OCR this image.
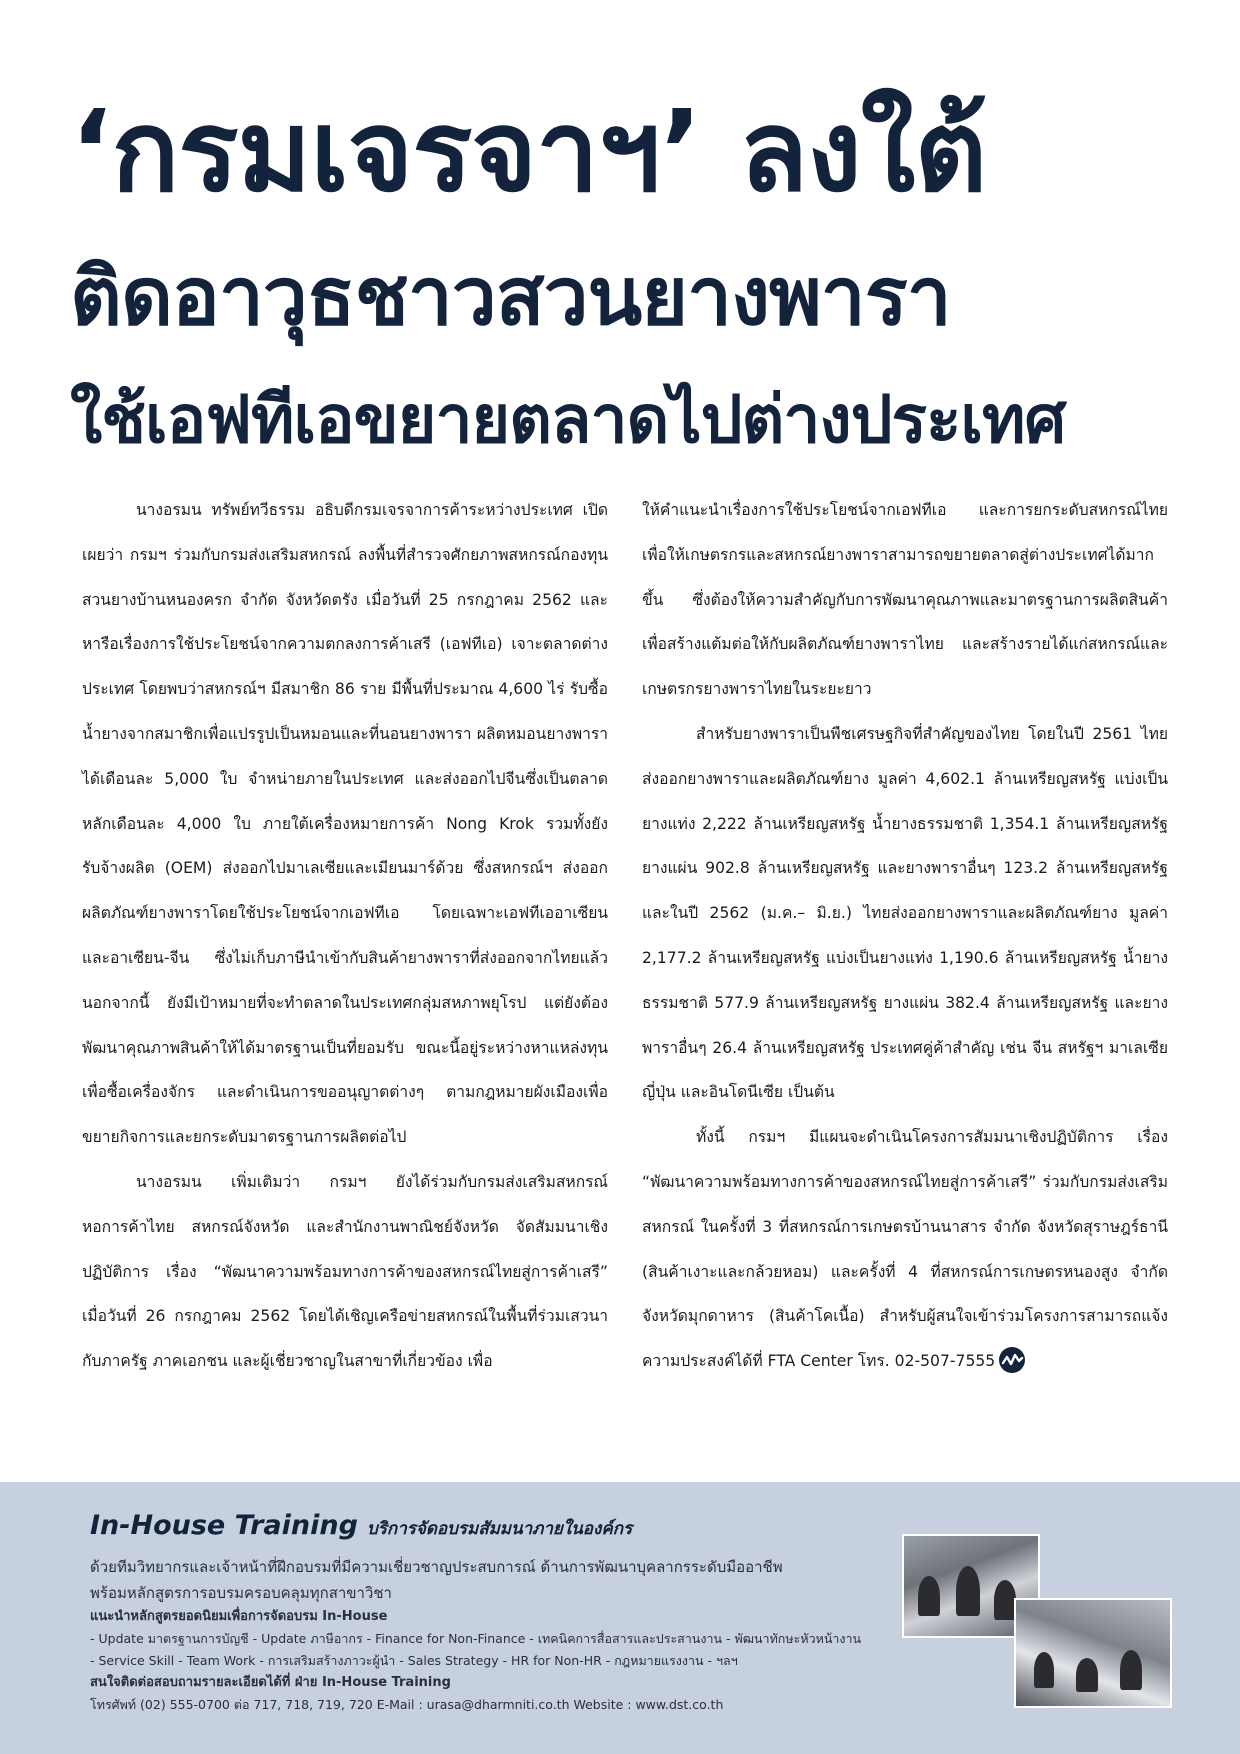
‘กรมเจรจาฯ’ ลงใต้
ติดอาวุธชาวสวนยางพารา
ใช้เอฟทีเอขยายตลาดไปต่างประเทศ

นางอรมน ทรัพย์ทวีธรรม อธิบดีกรมเจรจาการค้าระหว่างประเทศ เปิดเผยว่า กรมฯ ร่วมกับกรมส่งเสริมสหกรณ์ ลงพื้นที่สำรวจศักยภาพสหกรณ์กองทุนสวนยางบ้านหนองครก จำกัด จังหวัดตรัง เมื่อวันที่ 25 กรกฎาคม 2562 และหารือเรื่องการใช้ประโยชน์จากความตกลงการค้าเสรี (เอฟทีเอ) เจาะตลาดต่างประเทศ โดยพบว่าสหกรณ์ฯ มีสมาชิก 86 ราย มีพื้นที่ประมาณ 4,600 ไร่ รับซื้อน้ำยางจากสมาชิกเพื่อแปรรูปเป็นหมอนและที่นอนยางพารา ผลิตหมอนยางพาราได้เดือนละ 5,000 ใบ จำหน่ายภายในประเทศ และส่งออกไปจีนซึ่งเป็นตลาดหลักเดือนละ 4,000 ใบ ภายใต้เครื่องหมายการค้า Nong Krok รวมทั้งยังรับจ้างผลิต (OEM) ส่งออกไปมาเลเซียและเมียนมาร์ด้วย ซึ่งสหกรณ์ฯ ส่งออกผลิตภัณฑ์ยางพาราโดยใช้ประโยชน์จากเอฟทีเอ โดยเฉพาะเอฟทีเออาเซียน และอาเซียน-จีน ซึ่งไม่เก็บภาษีนำเข้ากับสินค้ายางพาราที่ส่งออกจากไทยแล้ว นอกจากนี้ ยังมีเป้าหมายที่จะทำตลาดในประเทศกลุ่มสหภาพยุโรป แต่ยังต้องพัฒนาคุณภาพสินค้าให้ได้มาตรฐานเป็นที่ยอมรับ ขณะนี้อยู่ระหว่างหาแหล่งทุนเพื่อซื้อเครื่องจักร และดำเนินการขออนุญาตต่างๆ ตามกฎหมายผังเมืองเพื่อขยายกิจการและยกระดับมาตรฐานการผลิตต่อไป

นางอรมน เพิ่มเติมว่า กรมฯ ยังได้ร่วมกับกรมส่งเสริมสหกรณ์ หอการค้าไทย สหกรณ์จังหวัด และสำนักงานพาณิชย์จังหวัด จัดสัมมนาเชิงปฏิบัติการ เรื่อง “พัฒนาความพร้อมทางการค้าของสหกรณ์ไทยสู่การค้าเสรี” เมื่อวันที่ 26 กรกฎาคม 2562 โดยได้เชิญเครือข่ายสหกรณ์ในพื้นที่ร่วมเสวนากับภาครัฐ ภาคเอกชน และผู้เชี่ยวชาญในสาขาที่เกี่ยวข้อง เพื่อ

ให้คำแนะนำเรื่องการใช้ประโยชน์จากเอฟทีเอ และการยกระดับสหกรณ์ไทย เพื่อให้เกษตรกรและสหกรณ์ยางพาราสามารถขยายตลาดสู่ต่างประเทศได้มากขึ้น ซึ่งต้องให้ความสำคัญกับการพัฒนาคุณภาพและมาตรฐานการผลิตสินค้า เพื่อสร้างแต้มต่อให้กับผลิตภัณฑ์ยางพาราไทย และสร้างรายได้แก่สหกรณ์และเกษตรกรยางพาราไทยในระยะยาว

สำหรับยางพาราเป็นพืชเศรษฐกิจที่สำคัญของไทย โดยในปี 2561 ไทยส่งออกยางพาราและผลิตภัณฑ์ยาง มูลค่า 4,602.1 ล้านเหรียญสหรัฐ แบ่งเป็นยางแท่ง 2,222 ล้านเหรียญสหรัฐ น้ำยางธรรมชาติ 1,354.1 ล้านเหรียญสหรัฐ ยางแผ่น 902.8 ล้านเหรียญสหรัฐ และยางพาราอื่นๆ 123.2 ล้านเหรียญสหรัฐ และในปี 2562 (ม.ค.– มิ.ย.) ไทยส่งออกยางพาราและผลิตภัณฑ์ยาง มูลค่า 2,177.2 ล้านเหรียญสหรัฐ แบ่งเป็นยางแท่ง 1,190.6 ล้านเหรียญสหรัฐ น้ำยางธรรมชาติ 577.9 ล้านเหรียญสหรัฐ ยางแผ่น 382.4 ล้านเหรียญสหรัฐ และยางพาราอื่นๆ 26.4 ล้านเหรียญสหรัฐ ประเทศคู่ค้าสำคัญ เช่น จีน สหรัฐฯ มาเลเซีย ญี่ปุ่น และอินโดนีเซีย เป็นต้น

ทั้งนี้ กรมฯ มีแผนจะดำเนินโครงการสัมมนาเชิงปฏิบัติการ เรื่อง “พัฒนาความพร้อมทางการค้าของสหกรณ์ไทยสู่การค้าเสรี” ร่วมกับกรมส่งเสริมสหกรณ์ ในครั้งที่ 3 ที่สหกรณ์การเกษตรบ้านนาสาร จำกัด จังหวัดสุราษฎร์ธานี (สินค้าเงาะและกล้วยหอม) และครั้งที่ 4 ที่สหกรณ์การเกษตรหนองสูง จำกัด จังหวัดมุกดาหาร (สินค้าโคเนื้อ) สำหรับผู้สนใจเข้าร่วมโครงการสามารถแจ้งความประสงค์ได้ที่ FTA Center โทร. 02-507-7555

In-House Training บริการจัดอบรมสัมมนาภายในองค์กร
ด้วยทีมวิทยากรและเจ้าหน้าที่ฝึกอบรมที่มีความเชี่ยวชาญประสบการณ์ ด้านการพัฒนาบุคลากรระดับมืออาชีพ
พร้อมหลักสูตรการอบรมครอบคลุมทุกสาขาวิชา
แนะนำหลักสูตรยอดนิยมเพื่อการจัดอบรม In-House
- Update มาตรฐานการบัญชี - Update ภาษีอากร - Finance for Non-Finance - เทคนิคการสื่อสารและประสานงาน - พัฒนาทักษะหัวหน้างาน
- Service Skill - Team Work - การเสริมสร้างภาวะผู้นำ - Sales Strategy - HR for Non-HR - กฎหมายแรงงาน - ฯลฯ
สนใจติดต่อสอบถามรายละเอียดได้ที่ ฝ่าย In-House Training
โทรศัพท์ (02) 555-0700 ต่อ 717, 718, 719, 720 E-Mail : urasa@dharmniti.co.th Website : www.dst.co.th
